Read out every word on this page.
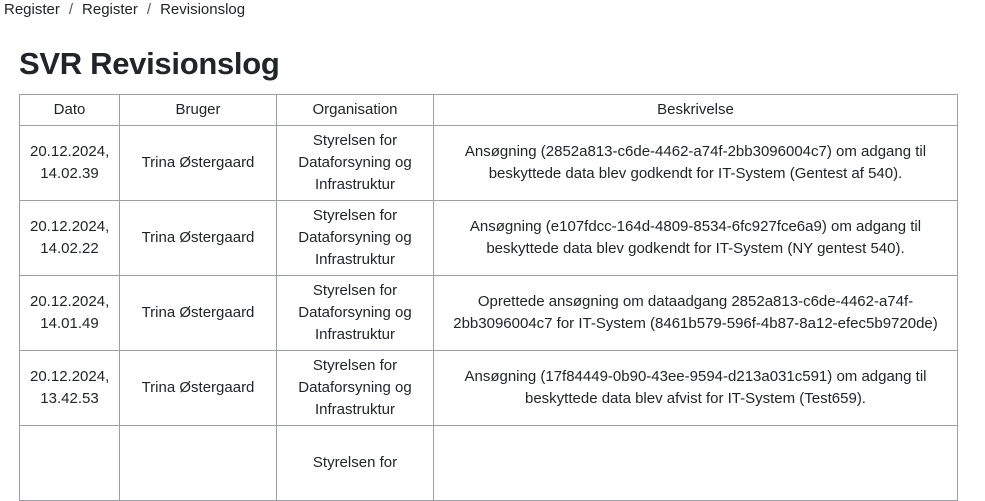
Register / Register / Revisionslog
SVR Revisionslog
Dato	Bruger	Organisation	Beskrivelse
20.12.2024, 14.02.39	Trina Østergaard	Styrelsen for Dataforsyning og Infrastruktur	Ansøgning (2852a813-c6de-4462-a74f-2bb3096004c7) om adgang til beskyttede data blev godkendt for IT-System (Gentest af 540).
20.12.2024, 14.02.22	Trina Østergaard	Styrelsen for Dataforsyning og Infrastruktur	Ansøgning (e107fdcc-164d-4809-8534-6fc927fce6a9) om adgang til beskyttede data blev godkendt for IT-System (NY gentest 540).
20.12.2024, 14.01.49	Trina Østergaard	Styrelsen for Dataforsyning og Infrastruktur	Oprettede ansøgning om dataadgang 2852a813-c6de-4462-a74f-2bb3096004c7 for IT-System (8461b579-596f-4b87-8a12-efec5b9720de)
20.12.2024, 13.42.53	Trina Østergaard	Styrelsen for Dataforsyning og Infrastruktur	Ansøgning (17f84449-0b90-43ee-9594-d213a031c591) om adgang til beskyttede data blev afvist for IT-System (Test659).
		Styrelsen for	
